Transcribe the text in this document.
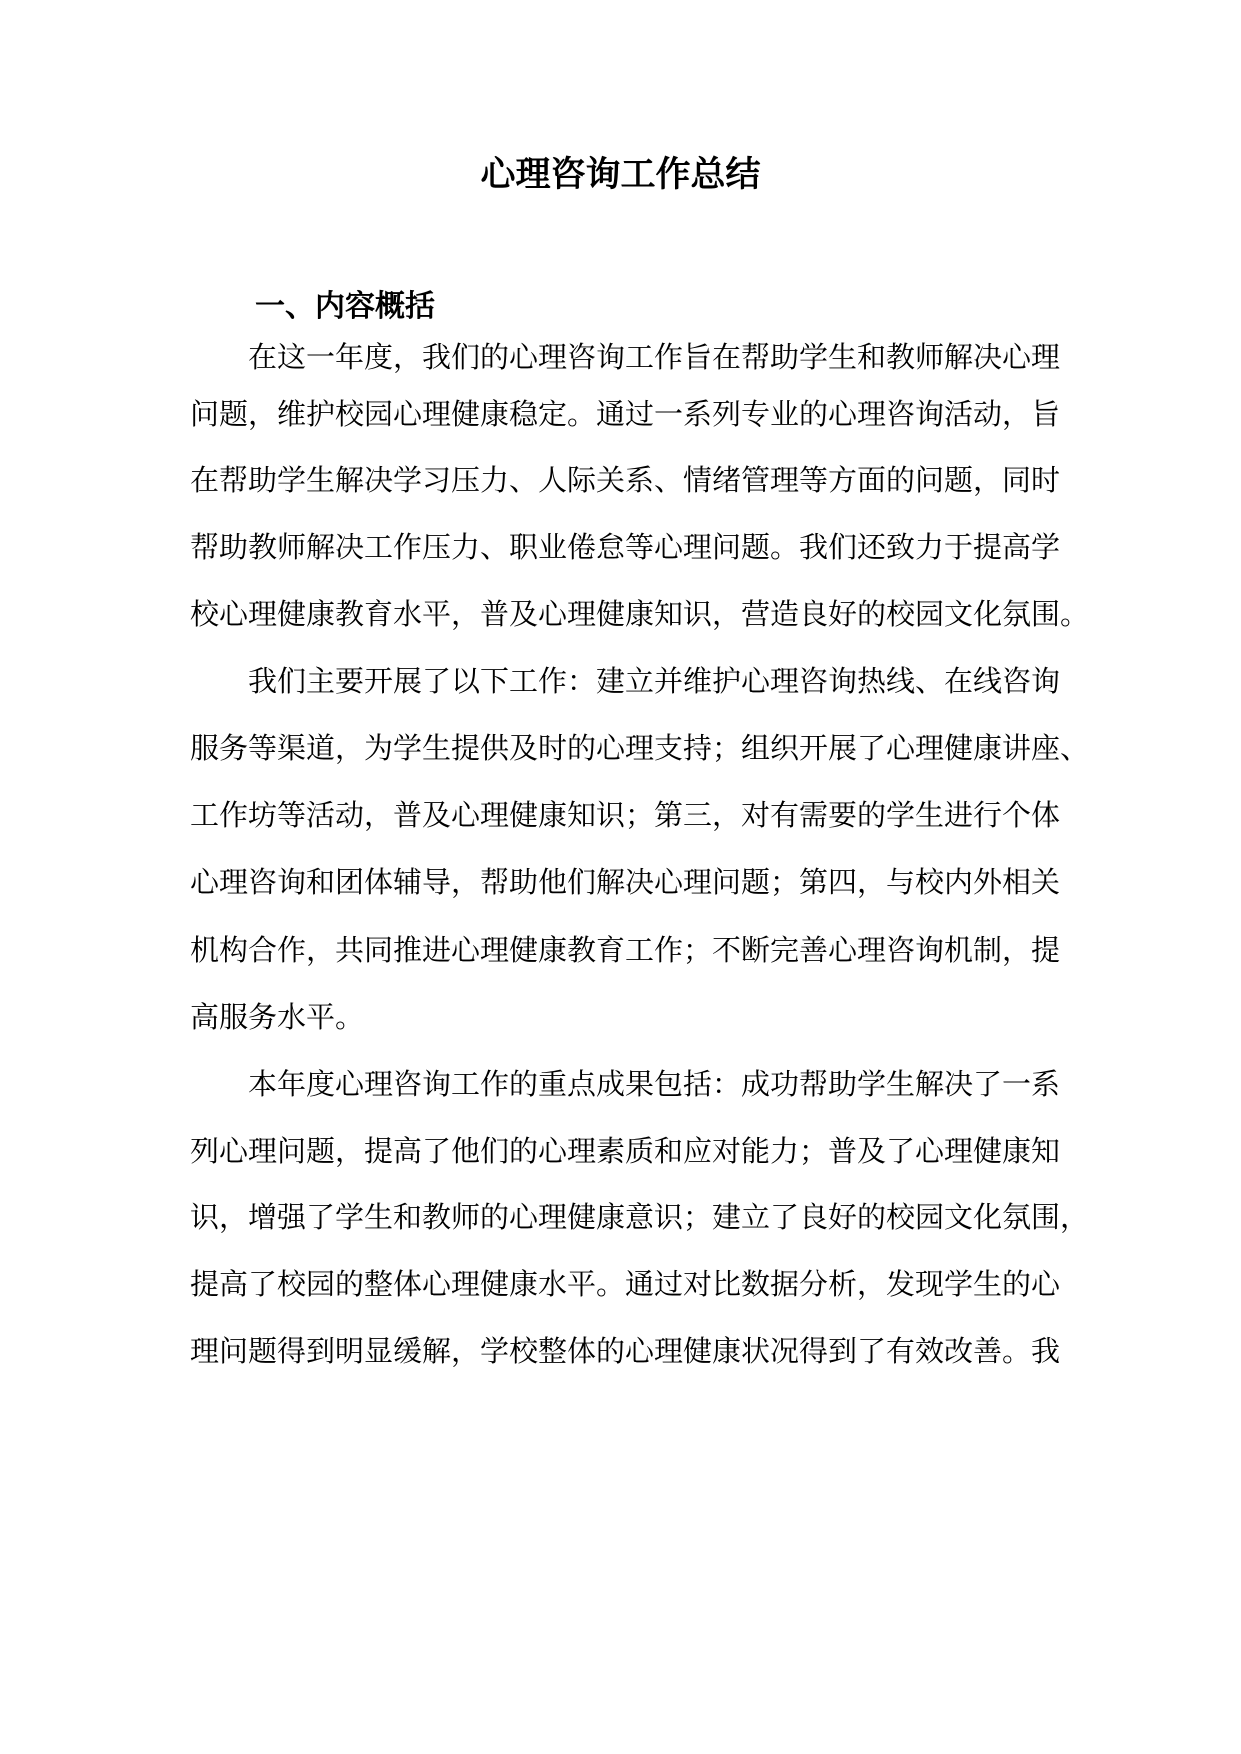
心理咨询工作总结
一、内容概括

在这一年度，我们的心理咨询工作旨在帮助学生和教师解决心理

问题，维护校园心理健康稳定。通过一系列专业的心理咨询活动，旨

在帮助学生解决学习压力、人际关系、情绪管理等方面的问题，同时

帮助教师解决工作压力、职业倦怠等心理问题。我们还致力于提高学

校心理健康教育水平，普及心理健康知识，营造良好的校园文化氛围。

我们主要开展了以下工作：建立并维护心理咨询热线、在线咨询

服务等渠道，为学生提供及时的心理支持；组织开展了心理健康讲座、

工作坊等活动，普及心理健康知识；第三，对有需要的学生进行个体

心理咨询和团体辅导，帮助他们解决心理问题；第四，与校内外相关

机构合作，共同推进心理健康教育工作；不断完善心理咨询机制，提

高服务水平。

本年度心理咨询工作的重点成果包括：成功帮助学生解决了一系

列心理问题，提高了他们的心理素质和应对能力；普及了心理健康知

识，增强了学生和教师的心理健康意识；建立了良好的校园文化氛围，

提高了校园的整体心理健康水平。通过对比数据分析，发现学生的心

理问题得到明显缓解，学校整体的心理健康状况得到了有效改善。我
